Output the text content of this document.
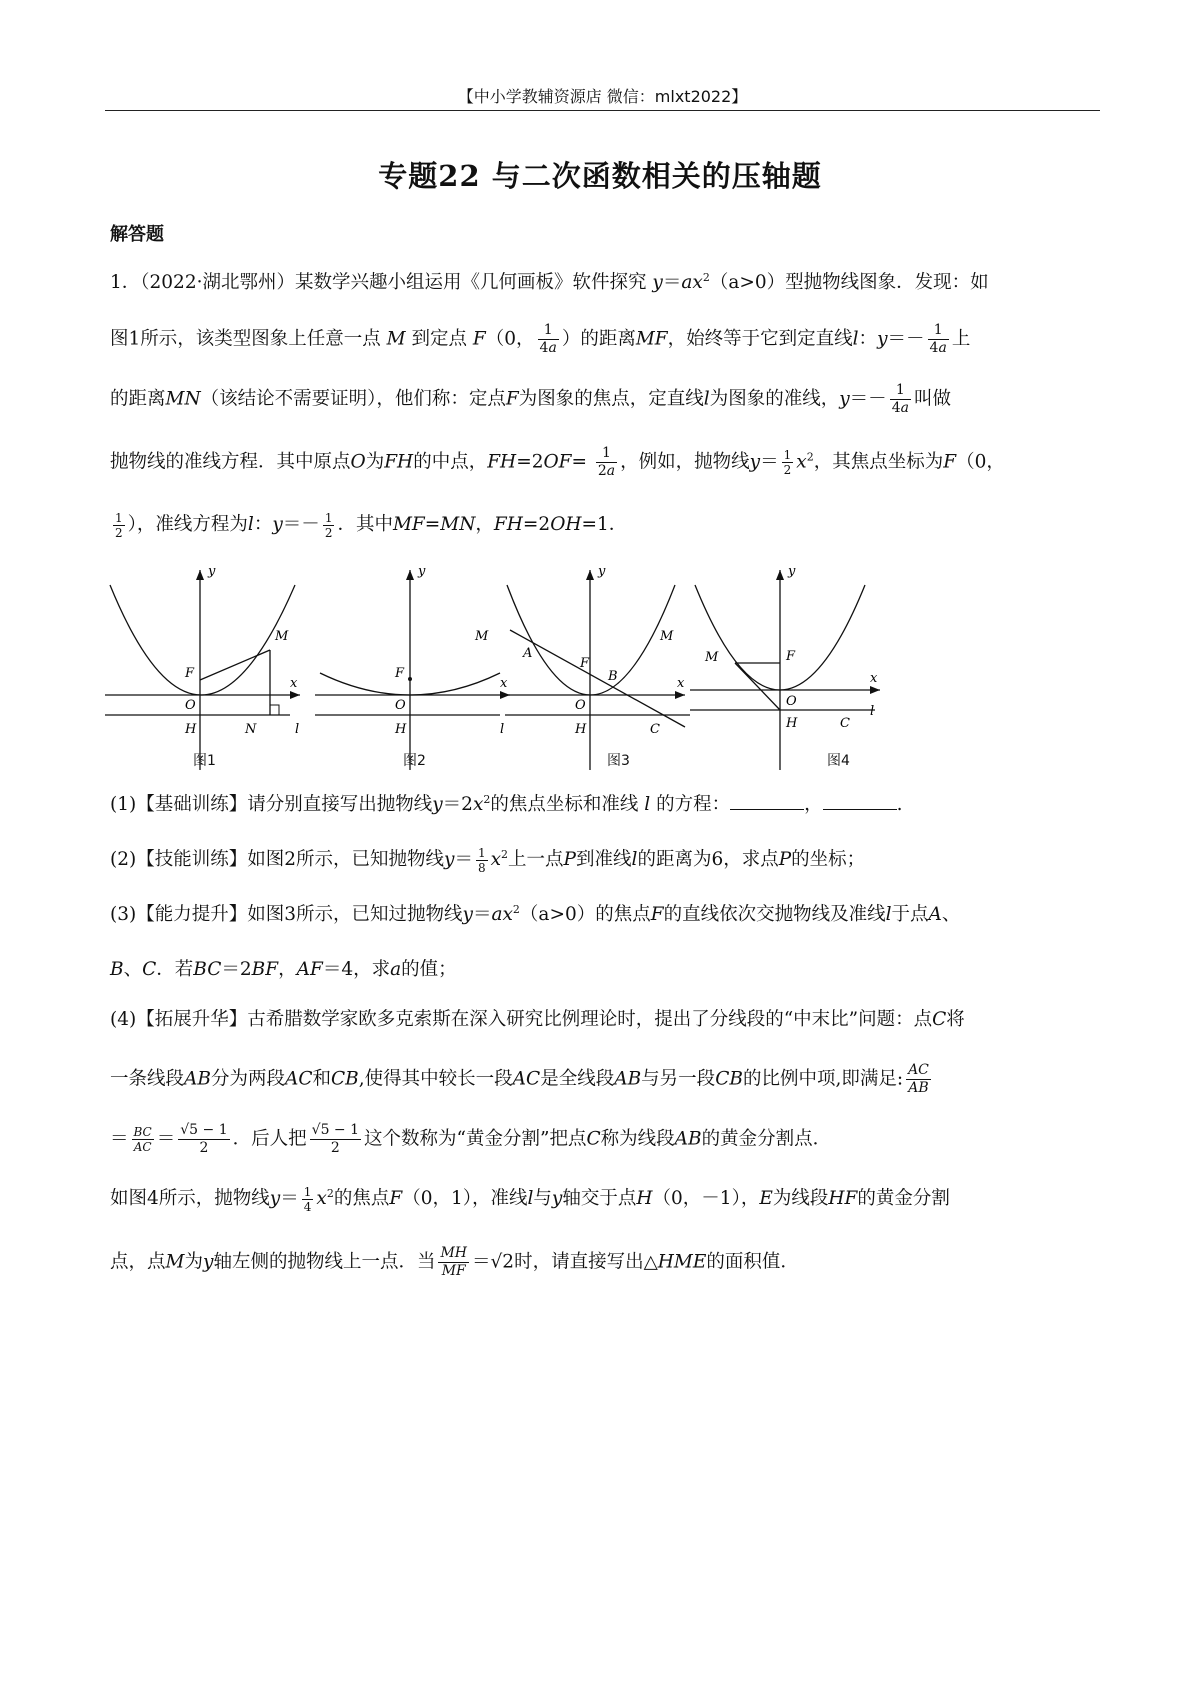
【中小学教辅资源店 微信：mlxt2022】
专题22 与二次函数相关的压轴题
解答题
1．（2022·湖北鄂州）某数学兴趣小组运用《几何画板》软件探究 $y=ax^2(a>0)$型抛物线图象．发现：如
图1所示，该类型图象上任意一点 M 到定点 F（0， $\frac{1}{4a}$ ）的距离MF，始终等于它到定直线l：$y=- \frac{1}{4a}$ 上
的距离MN（该结论不需要证明），他们称：定点F为图象的焦点，定直线l为图象的准线，$y=- \frac{1}{4a}$ 叫做
抛物线的准线方程．其中原点O为FH的中点，$FH=2OF= \frac{1}{2a}$ ，例如，抛物线$y= \frac{1}{2} x^2$，其焦点坐标为F（0，
$\frac{1}{2}$ ），准线方程为l：$y=- \frac{1}{2}$ ．其中MF=MN，FH=2OH=1．
y
x
F
O
H	N	l
M
y
x
F
O
H	l
M
y
x
F
O
H
A
B
C
M
y
x
F
O
H
M
C
l
图1	图2	图3	图4
(1)【基础训练】请分别直接写出抛物线$y=2x^2$的焦点坐标和准线 l 的方程：	，	.
(2)【技能训练】如图2所示，已知抛物线$y= \frac{1}{8} x^2$上一点P到准线l的距离为6，求点P的坐标；
(3)【能力提升】如图3所示，已知过抛物线$y=ax^2(a>0)$的焦点F的直线依次交抛物线及准线l于点A、
B、C．若BC＝2BF，AF＝4，求a的值；
(4)【拓展升华】古希腊数学家欧多克索斯在深入研究比例理论时，提出了分线段的“中末比”问题：点C将
一条线段AB分为两段AC和CB,使得其中较长一段AC是全线段AB与另一段CB的比例中项,即满足: $\frac{AC}{AB}$
＝ $\frac{BC}{AC} = \frac{√5 - 1}{2}$ ．后人把 $\frac{√5 - 1}{2}$ 这个数称为“黄金分割”把点C称为线段AB的黄金分割点．
如图4所示，抛物线$y= \frac{1}{4} x^2$的焦点F（0，1），准线l与y轴交于点H（0，－1），E为线段HF的黄金分割
点，点M为y轴左侧的抛物线上一点．当 $\frac{MH}{MF} =√2$时，请直接写出△HME的面积值．
